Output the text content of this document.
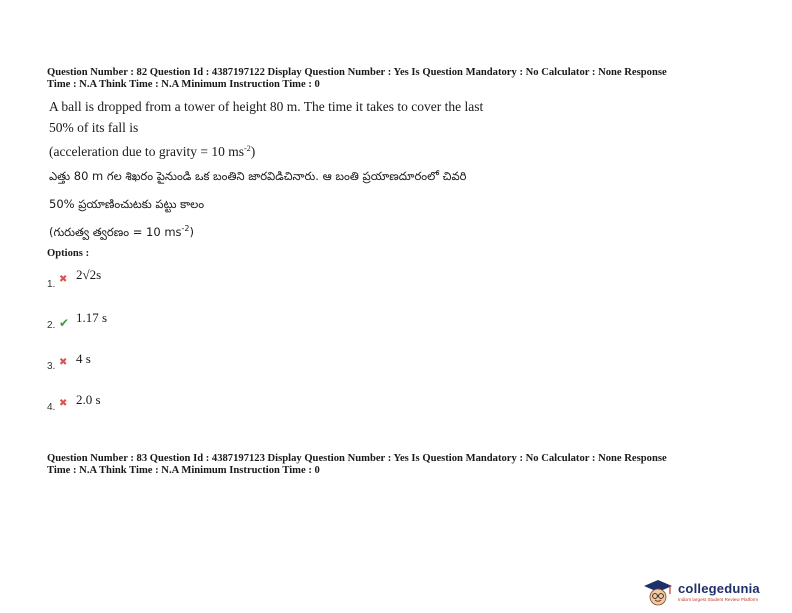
Question Number : 82 Question Id : 4387197122 Display Question Number : Yes Is Question Mandatory : No Calculator : None Response
Time : N.A Think Time : N.A Minimum Instruction Time : 0
A ball is dropped from a tower of height 80 m. The time it takes to cover the last
50% of its fall is
(acceleration due to gravity = 10 $ms^{-2}$)
ఎత్తు 80 m గల శిఖరం పైనుండి ఒక బంతిని జారవిడిచినారు. ఆ బంతి ప్రయాణదూరంలో చివరి
50% ప్రయాణించుటకు పట్టు కాలం
(గురుత్వ త్వరణం = 10 $ms^{-2}$)
Options :
1. ✖ 2√2s
2. ✔ 1.17 s
3. ✖ 4 s
4. ✖ 2.0 s
Question Number : 83 Question Id : 4387197123 Display Question Number : Yes Is Question Mandatory : No Calculator : None Response
Time : N.A Think Time : N.A Minimum Instruction Time : 0
collegedunia
India's largest Student Review Platform
